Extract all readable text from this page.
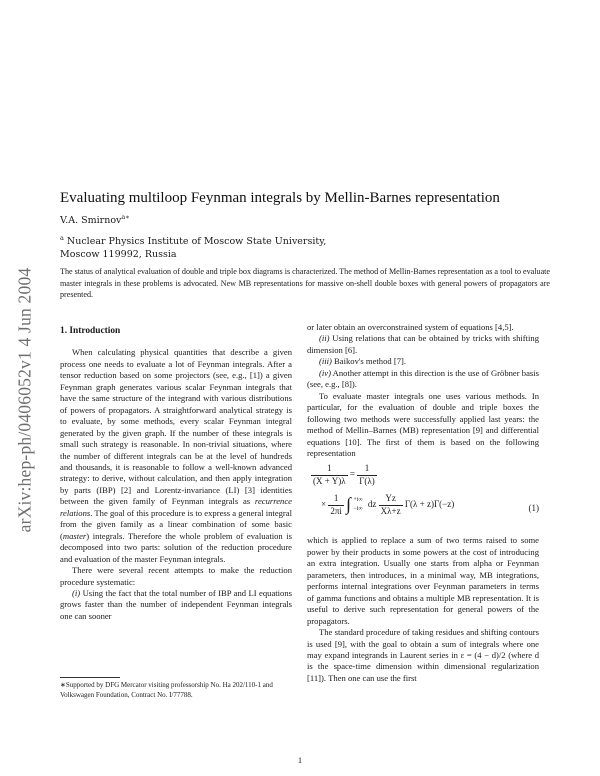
arXiv:hep-ph/0406052v1 4 Jun 2004
Evaluating multiloop Feynman integrals by Mellin-Barnes representation
V.A. Smirnov$^{a∗}$
$^a$ Nuclear Physics Institute of Moscow State University,
Moscow 119992, Russia
The status of analytical evaluation of double and triple box diagrams is characterized. The method of Mellin-Barnes representation as a tool to evaluate master integrals in these problems is advocated. New MB representations for massive on-shell double boxes with general powers of propagators are presented.
1. Introduction

When calculating physical quantities that describe a given process one needs to evaluate a lot of Feynman integrals. After a tensor reduction based on some projectors (see, e.g., [1]) a given Feynman graph generates various scalar Feynman integrals that have the same structure of the integrand with various distributions of powers of propagators. A straightforward analytical strategy is to evaluate, by some methods, every scalar Feynman integral generated by the given graph. If the number of these integrals is small such strategy is reasonable. In non-trivial situations, where the number of different integrals can be at the level of hundreds and thousands, it is reasonable to follow a well-known advanced strategy: to derive, without calculation, and then apply integration by parts (IBP) [2] and Lorentz-invariance (LI) [3] identities between the given family of Feynman integrals as recurrence relations. The goal of this procedure is to express a general integral from the given family as a linear combination of some basic (master) integrals. Therefore the whole problem of evaluation is decomposed into two parts: solution of the reduction procedure and evaluation of the master Feynman integrals.

There were several recent attempts to make the reduction procedure systematic:

(i) Using the fact that the total number of IBP and LI equations grows faster than the number of independent Feynman integrals one can sooner

or later obtain an overconstrained system of equations [4,5].

(ii) Using relations that can be obtained by tricks with shifting dimension [6].

(iii) Baikov's method [7].

(iv) Another attempt in this direction is the use of Gröbner basis (see, e.g., [8]).

To evaluate master integrals one uses various methods. In particular, for the evaluation of double and triple boxes the following two methods were successfully applied last years: the method of Mellin–Barnes (MB) representation [9] and differential equations [10]. The first of them is based on the following representation

$\frac{1}{(X + Y)\lambda} = \frac{1}{\Gamma(\lambda)}$
× $\frac{1}{2\pi i}$ ∫ +i∞
−i∞ dz $\frac{Yz}{X\lambda+z} \Gamma(\lambda + z)\Gamma(-z)$	(1)

which is applied to replace a sum of two terms raised to some power by their products in some powers at the cost of introducing an extra integration. Usually one starts from alpha or Feynman parameters, then introduces, in a minimal way, MB integrations, performs internal integrations over Feynman parameters in terms of gamma functions and obtains a multiple MB representation. It is useful to derive such representation for general powers of the propagators.

The standard procedure of taking residues and shifting contours is used [9], with the goal to obtain a sum of integrals where one may expand integrands in Laurent series in ε = (4 − d)/2 (where d is the space-time dimension within dimensional regularization [11]). Then one can use the first

∗Supported by DFG Mercator visiting professorship No. Ha 202/110-1 and Volkswagen Foundation, Contract No. I/77788.
1
